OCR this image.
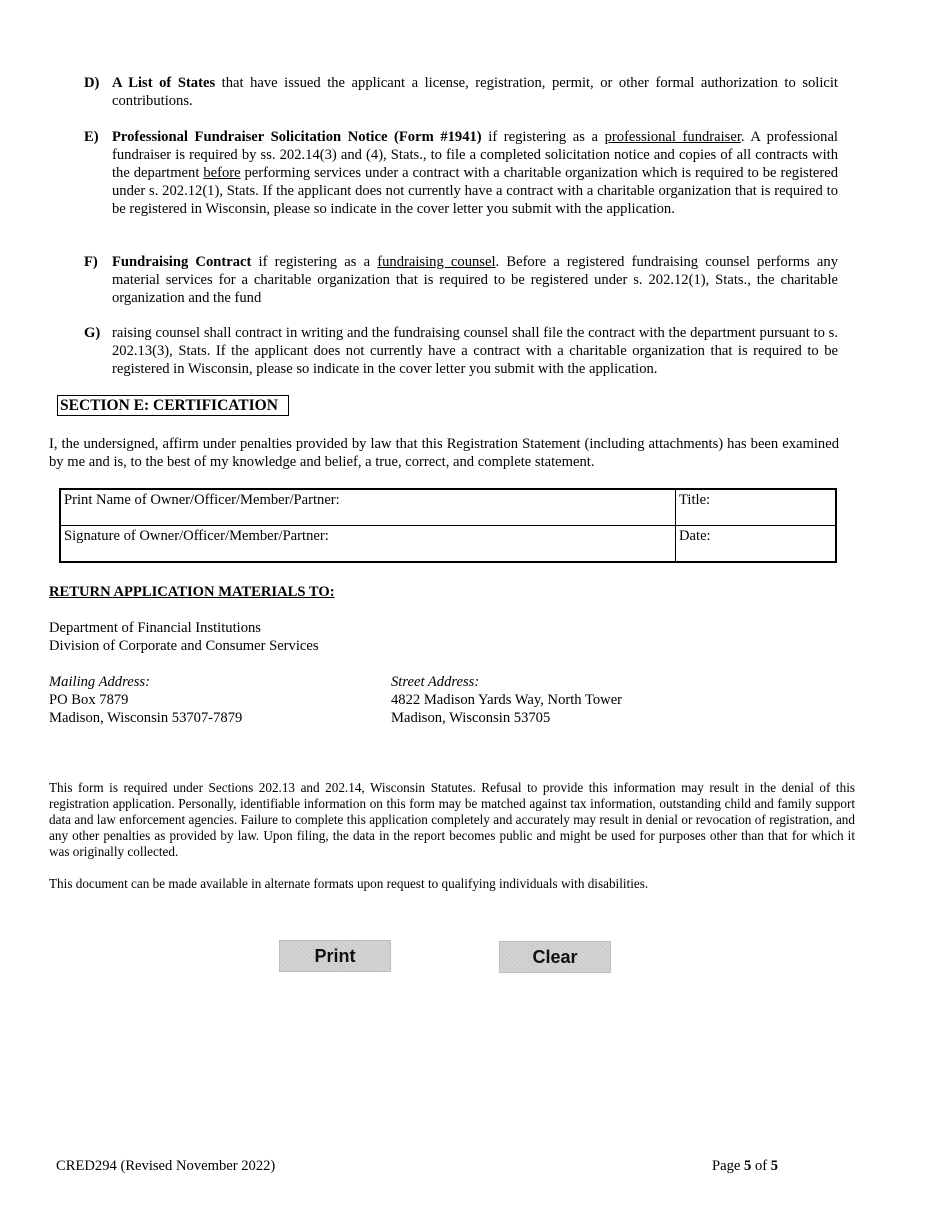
D) A List of States that have issued the applicant a license, registration, permit, or other formal authorization to solicit contributions.
E) Professional Fundraiser Solicitation Notice (Form #1941) if registering as a professional fundraiser. A professional fundraiser is required by ss. 202.14(3) and (4), Stats., to file a completed solicitation notice and copies of all contracts with the department before performing services under a contract with a charitable organization which is required to be registered under s. 202.12(1), Stats. If the applicant does not currently have a contract with a charitable organization that is required to be registered in Wisconsin, please so indicate in the cover letter you submit with the application.
F) Fundraising Contract if registering as a fundraising counsel. Before a registered fundraising counsel performs any material services for a charitable organization that is required to be registered under s. 202.12(1), Stats., the charitable organization and the fund
G) raising counsel shall contract in writing and the fundraising counsel shall file the contract with the department pursuant to s. 202.13(3), Stats. If the applicant does not currently have a contract with a charitable organization that is required to be registered in Wisconsin, please so indicate in the cover letter you submit with the application.
SECTION E: CERTIFICATION
I, the undersigned, affirm under penalties provided by law that this Registration Statement (including attachments) has been examined by me and is, to the best of my knowledge and belief, a true, correct, and complete statement.
Print Name of Owner/Officer/Member/Partner:	Title:
Signature of Owner/Officer/Member/Partner:	Date:
RETURN APPLICATION MATERIALS TO:
Department of Financial Institutions
Division of Corporate and Consumer Services
Mailing Address:
PO Box 7879
Madison, Wisconsin 53707-7879
Street Address:
4822 Madison Yards Way, North Tower
Madison, Wisconsin 53705
This form is required under Sections 202.13 and 202.14, Wisconsin Statutes. Refusal to provide this information may result in the denial of this registration application. Personally, identifiable information on this form may be matched against tax information, outstanding child and family support data and law enforcement agencies. Failure to complete this application completely and accurately may result in denial or revocation of registration, and any other penalties as provided by law. Upon filing, the data in the report becomes public and might be used for purposes other than that for which it was originally collected.
This document can be made available in alternate formats upon request to qualifying individuals with disabilities.
Print	Clear
CRED294 (Revised November 2022)	Page 5 of 5
